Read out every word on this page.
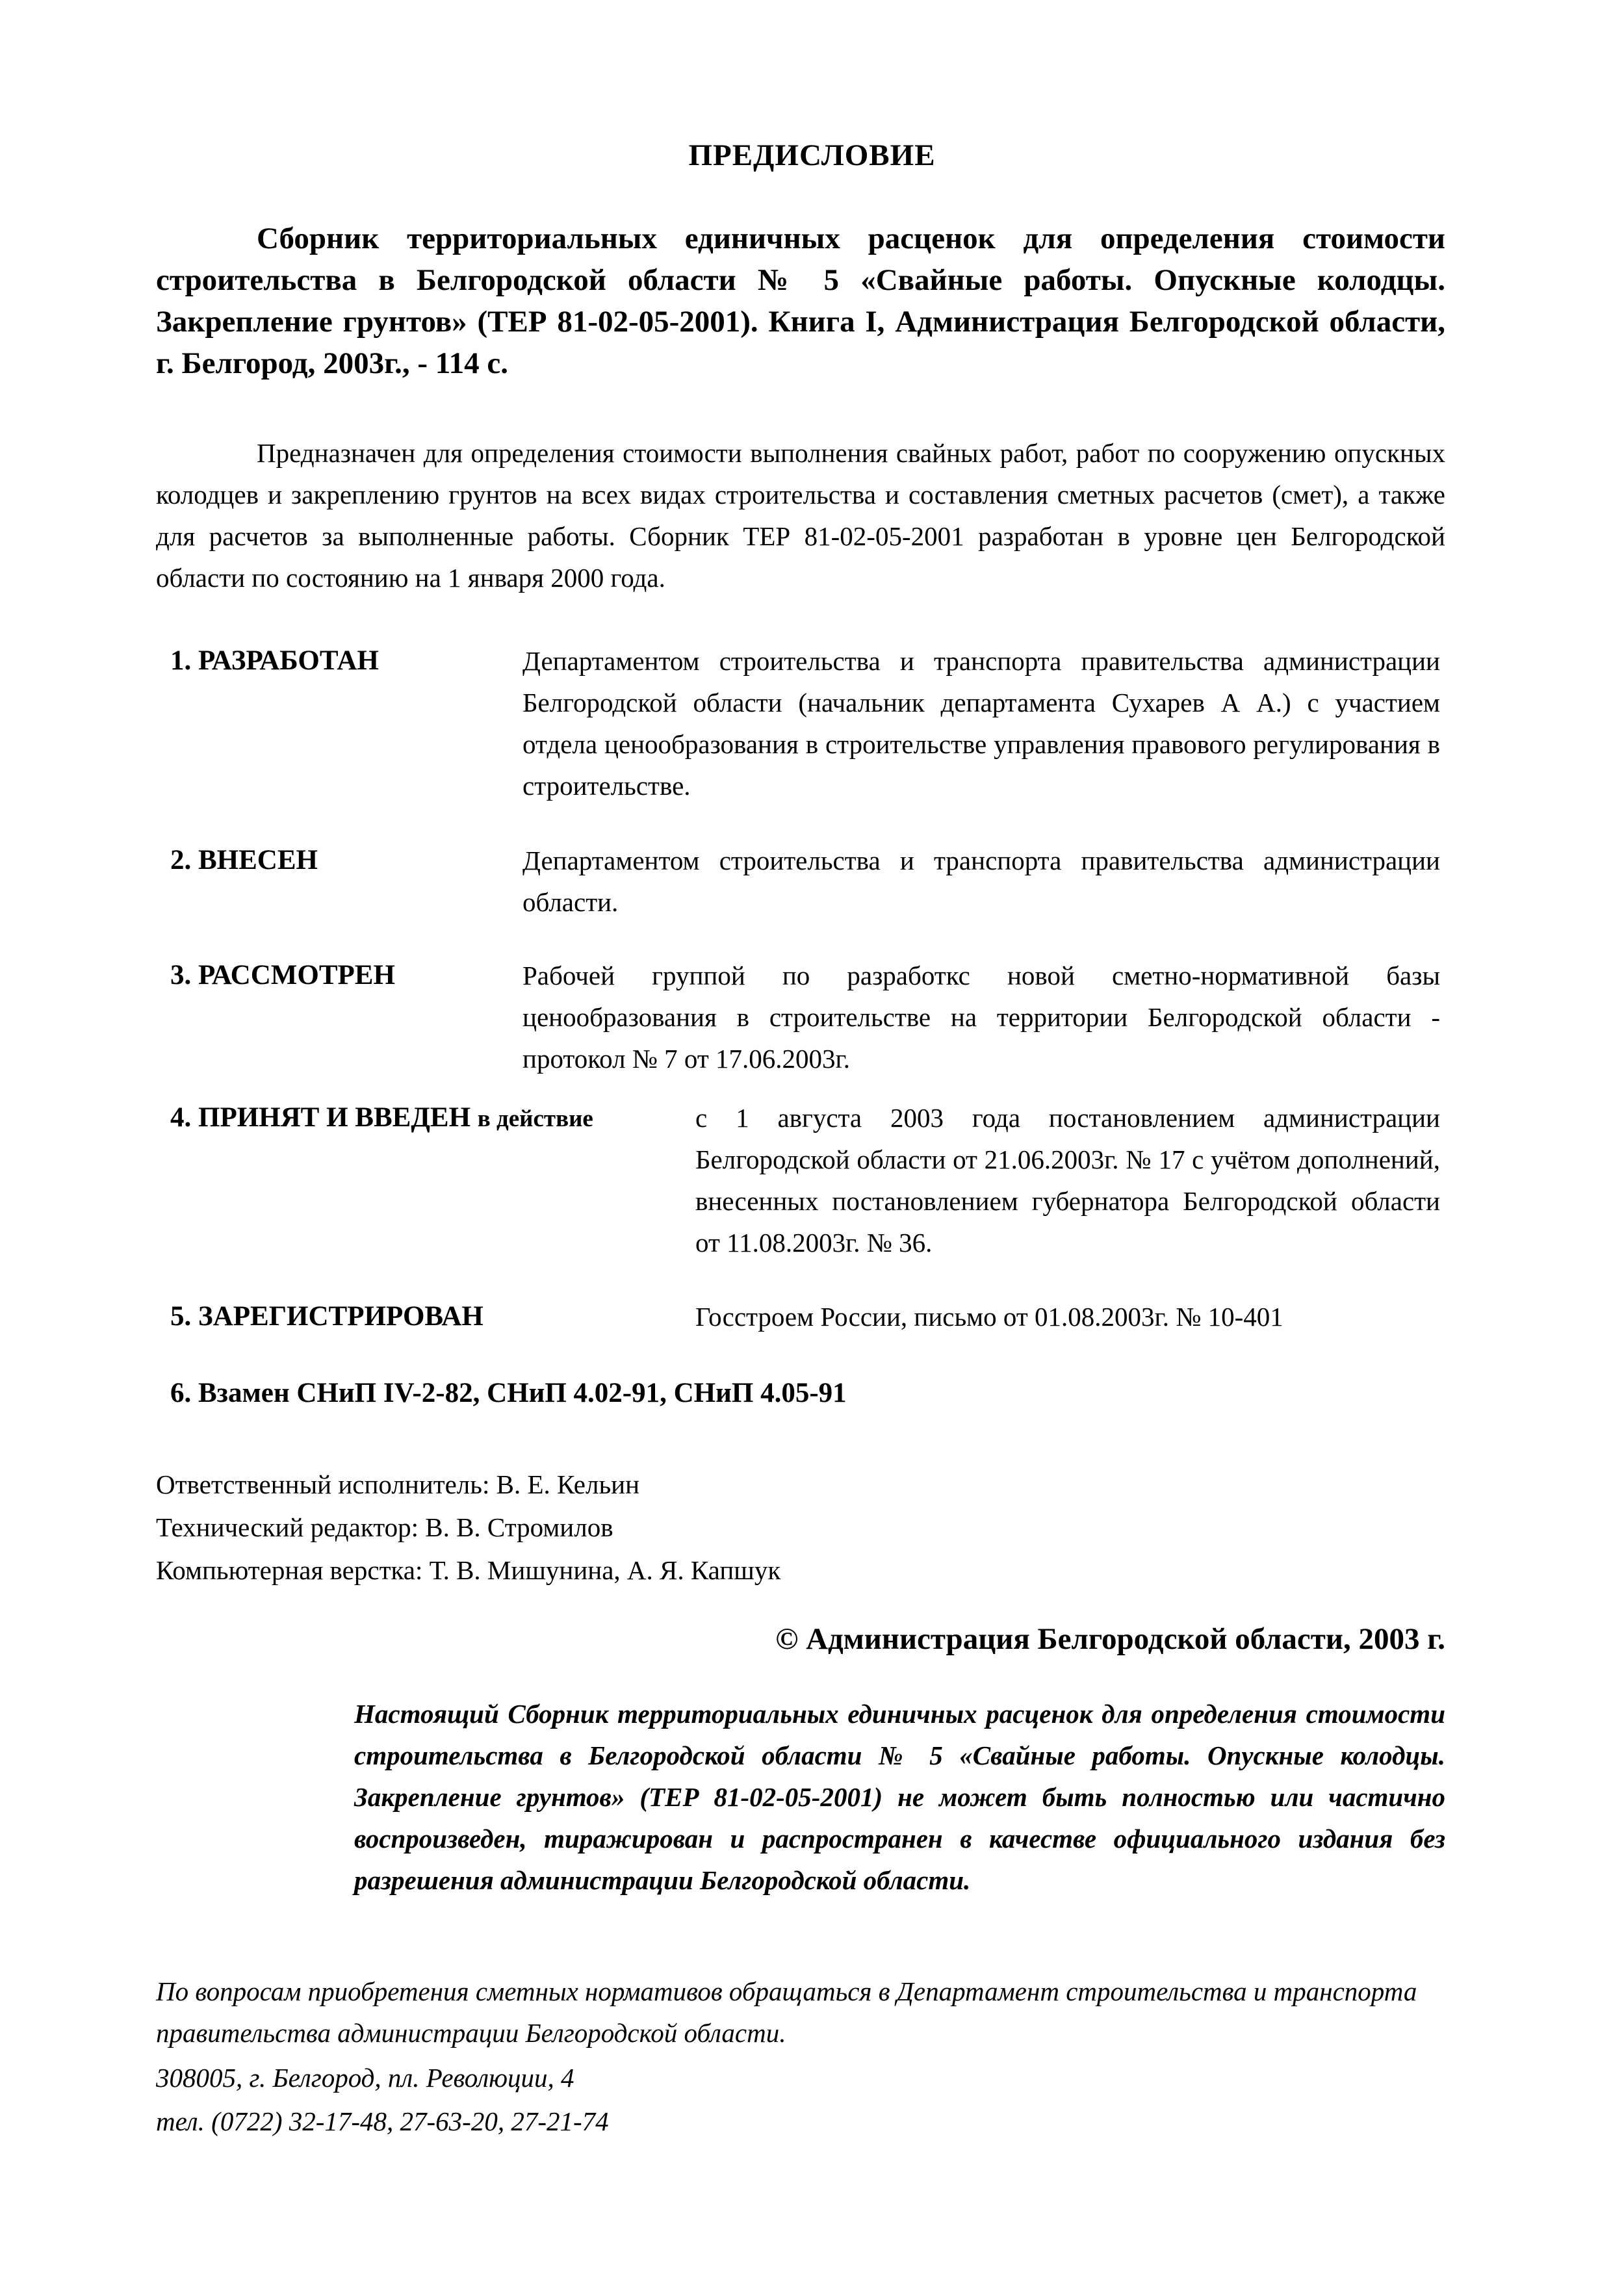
ПРЕДИСЛОВИЕ
Сборник территориальных единичных расценок для определения стоимости строительства в Белгородской области № 5 «Свайные работы. Опускные колодцы. Закрепление грунтов» (ТЕР 81-02-05-2001). Книга I, Администрация Белгородской области, г. Белгород, 2003г., - 114 с.
Предназначен для определения стоимости выполнения свайных работ, работ по сооружению опускных колодцев и закреплению грунтов на всех видах строительства и составления сметных расчетов (смет), а также для расчетов за выполненные работы. Сборник ТЕР 81-02-05-2001 разработан в уровне цен Белгородской области по состоянию на 1 января 2000 года.
1. РАЗРАБОТАН	Департаментом строительства и транспорта правительства администрации Белгородской области (начальник департамента Сухарев А А.) с участием отдела ценообразования в строительстве управления правового регулирования в строительстве.
2. ВНЕСЕН	Департаментом строительства и транспорта правительства администрации области.
3. РАССМОТРЕН	Рабочей группой по разработкс новой сметно-нормативной базы ценообразования в строительстве на территории Белгородской области - протокол № 7 от 17.06.2003г.
4. ПРИНЯТ И ВВЕДЕН в действие	с 1 августа 2003 года постановлением администрации Белгородской области от 21.06.2003г. № 17 с учётом дополнений, внесенных постановлением губернатора Белгородской области от 11.08.2003г. № 36.
5. ЗАРЕГИСТРИРОВАН	Госстроем России, письмо от 01.08.2003г. № 10-401
6. Взамен СНиП IV-2-82, СНиП 4.02-91, СНиП 4.05-91
Ответственный исполнитель: В. Е. Кельин
Технический редактор: В. В. Стромилов
Компьютерная верстка: Т. В. Мишунина, А. Я. Капшук
© Администрация Белгородской области, 2003 г.
Настоящий Сборник территориальных единичных расценок для определения стоимости строительства в Белгородской области № 5 «Свайные работы. Опускные колодцы. Закрепление грунтов» (ТЕР 81-02-05-2001) не может быть полностью или частично воспроизведен, тиражирован и распространен в качестве официального издания без разрешения администрации Белгородской области.
По вопросам приобретения сметных нормативов обращаться в Департамент строительства и транспорта правительства администрации Белгородской области.
308005, г. Белгород, пл. Революции, 4
тел. (0722) 32-17-48, 27-63-20, 27-21-74
